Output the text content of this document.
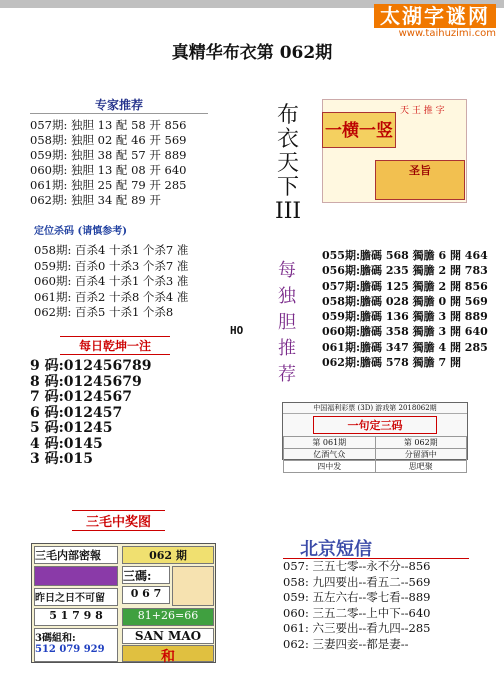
太湖字谜网
www.taihuzimi.com
真精华布衣第 062期
专家推荐
057期: 独胆 13 配 58 开 856
058期: 独胆 02 配 46 开 569
059期: 独胆 38 配 57 开 889
060期: 独胆 13 配 08 开 640
061期: 独胆 25 配 79 开 285
062期: 独胆 34 配 89 开
定位杀码 (请慎参考)
058期: 百杀4 十杀1 个杀7 准
059期: 百杀0 十杀3 个杀7 准
060期: 百杀4 十杀1 个杀3 准
061期: 百杀2 十杀8 个杀4 准
062期: 百杀5 十杀1 个杀8
每日乾坤一注
9 码:012456789
8 码:01245679
7 码:0124567
6 码:012457
5 码:01245
4 码:0145
3 码:015
布衣天下III
一横一竖
天 王 推 字
圣旨
每独胆推荐
055期:膽碼 568 獨膽 6 開 464
056期:膽碼 235 獨膽 2 開 783
057期:膽碼 125 獨膽 2 開 856
058期:膽碼 028 獨膽 0 開 569
059期:膽碼 136 獨膽 3 開 889
060期:膽碼 358 獨膽 3 開 640
061期:膽碼 347 獨膽 4 開 285
062期:膽碼 578 獨膽 7 開
HO
中国福利彩票 (3D) 游戏第 2018062期
一句定三码
第 061期	第 062期
亿酒气众	分留酒中
四中发	思吧聚
三毛中奖图
三毛内部密報	062 期
昨日之日不可留
三碼:
0 6 7
5 1 7 9 8	81+26=66
3碼組和:
512 079 929
SAN MAO
和
北京短信
057: 三五七零--永不分--856
058: 九四要出--看五二--569
059: 五左六右--零七看--889
060: 三五二零--上中下--640
061: 六三要出--看九四--285
062: 三妻四妾--都是妻--
